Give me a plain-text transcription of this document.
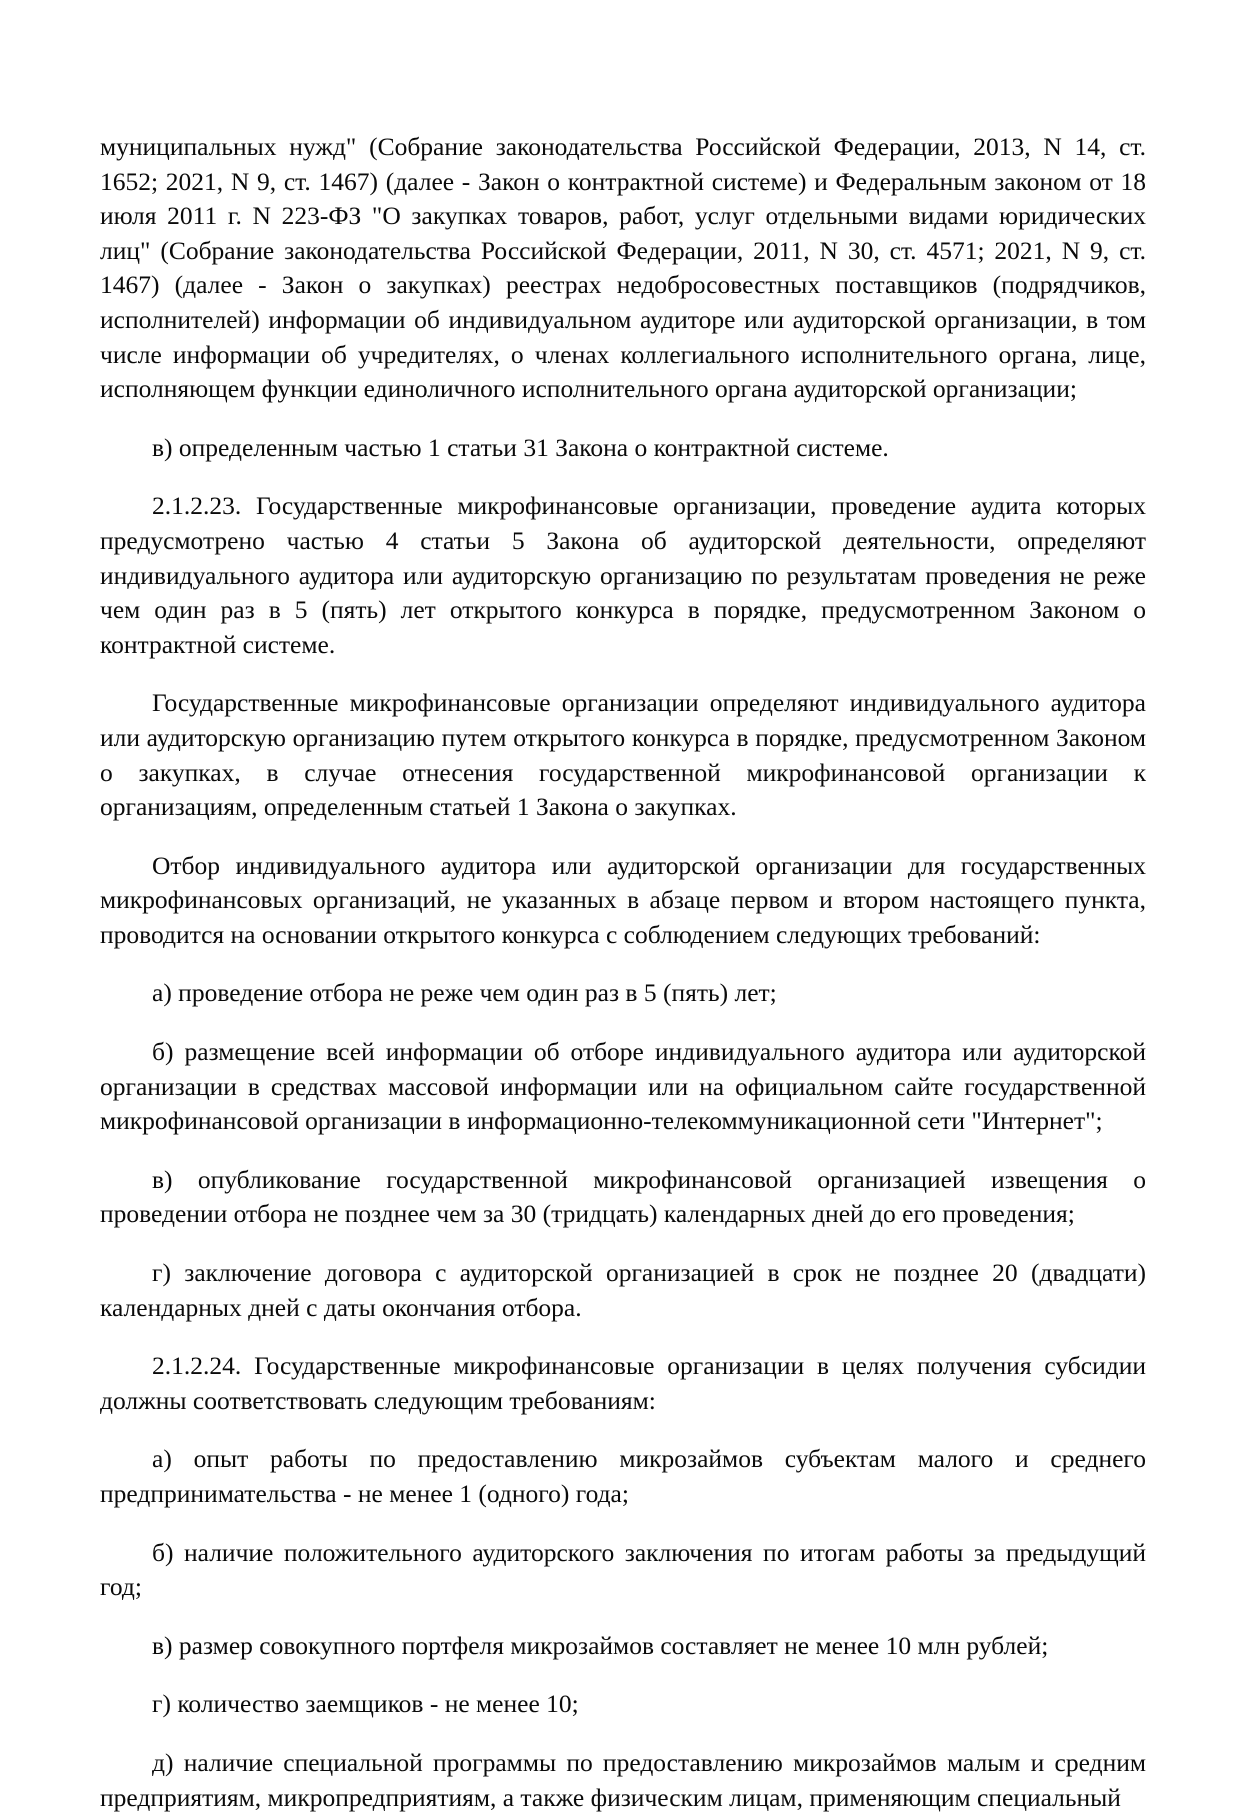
муниципальных нужд" (Собрание законодательства Российской Федерации, 2013, N 14, ст. 1652; 2021, N 9, ст. 1467) (далее - Закон о контрактной системе) и Федеральным законом от 18 июля 2011 г. N 223-ФЗ "О закупках товаров, работ, услуг отдельными видами юридических лиц" (Собрание законодательства Российской Федерации, 2011, N 30, ст. 4571; 2021, N 9, ст. 1467) (далее - Закон о закупках) реестрах недобросовестных поставщиков (подрядчиков, исполнителей) информации об индивидуальном аудиторе или аудиторской организации, в том числе информации об учредителях, о членах коллегиального исполнительного органа, лице, исполняющем функции единоличного исполнительного органа аудиторской организации;

в) определенным частью 1 статьи 31 Закона о контрактной системе.

2.1.2.23. Государственные микрофинансовые организации, проведение аудита которых предусмотрено частью 4 статьи 5 Закона об аудиторской деятельности, определяют индивидуального аудитора или аудиторскую организацию по результатам проведения не реже чем один раз в 5 (пять) лет открытого конкурса в порядке, предусмотренном Законом о контрактной системе.

Государственные микрофинансовые организации определяют индивидуального аудитора или аудиторскую организацию путем открытого конкурса в порядке, предусмотренном Законом о закупках, в случае отнесения государственной микрофинансовой организации к организациям, определенным статьей 1 Закона о закупках.

Отбор индивидуального аудитора или аудиторской организации для государственных микрофинансовых организаций, не указанных в абзаце первом и втором настоящего пункта, проводится на основании открытого конкурса с соблюдением следующих требований:

а) проведение отбора не реже чем один раз в 5 (пять) лет;

б) размещение всей информации об отборе индивидуального аудитора или аудиторской организации в средствах массовой информации или на официальном сайте государственной микрофинансовой организации в информационно-телекоммуникационной сети "Интернет";

в) опубликование государственной микрофинансовой организацией извещения о проведении отбора не позднее чем за 30 (тридцать) календарных дней до его проведения;

г) заключение договора с аудиторской организацией в срок не позднее 20 (двадцати) календарных дней с даты окончания отбора.

2.1.2.24. Государственные микрофинансовые организации в целях получения субсидии должны соответствовать следующим требованиям:

а) опыт работы по предоставлению микрозаймов субъектам малого и среднего предпринимательства - не менее 1 (одного) года;

б) наличие положительного аудиторского заключения по итогам работы за предыдущий год;

в) размер совокупного портфеля микрозаймов составляет не менее 10 млн рублей;

г) количество заемщиков - не менее 10;

д) наличие специальной программы по предоставлению микрозаймов малым и средним предприятиям, микропредприятиям, а также физическим лицам, применяющим специальный
